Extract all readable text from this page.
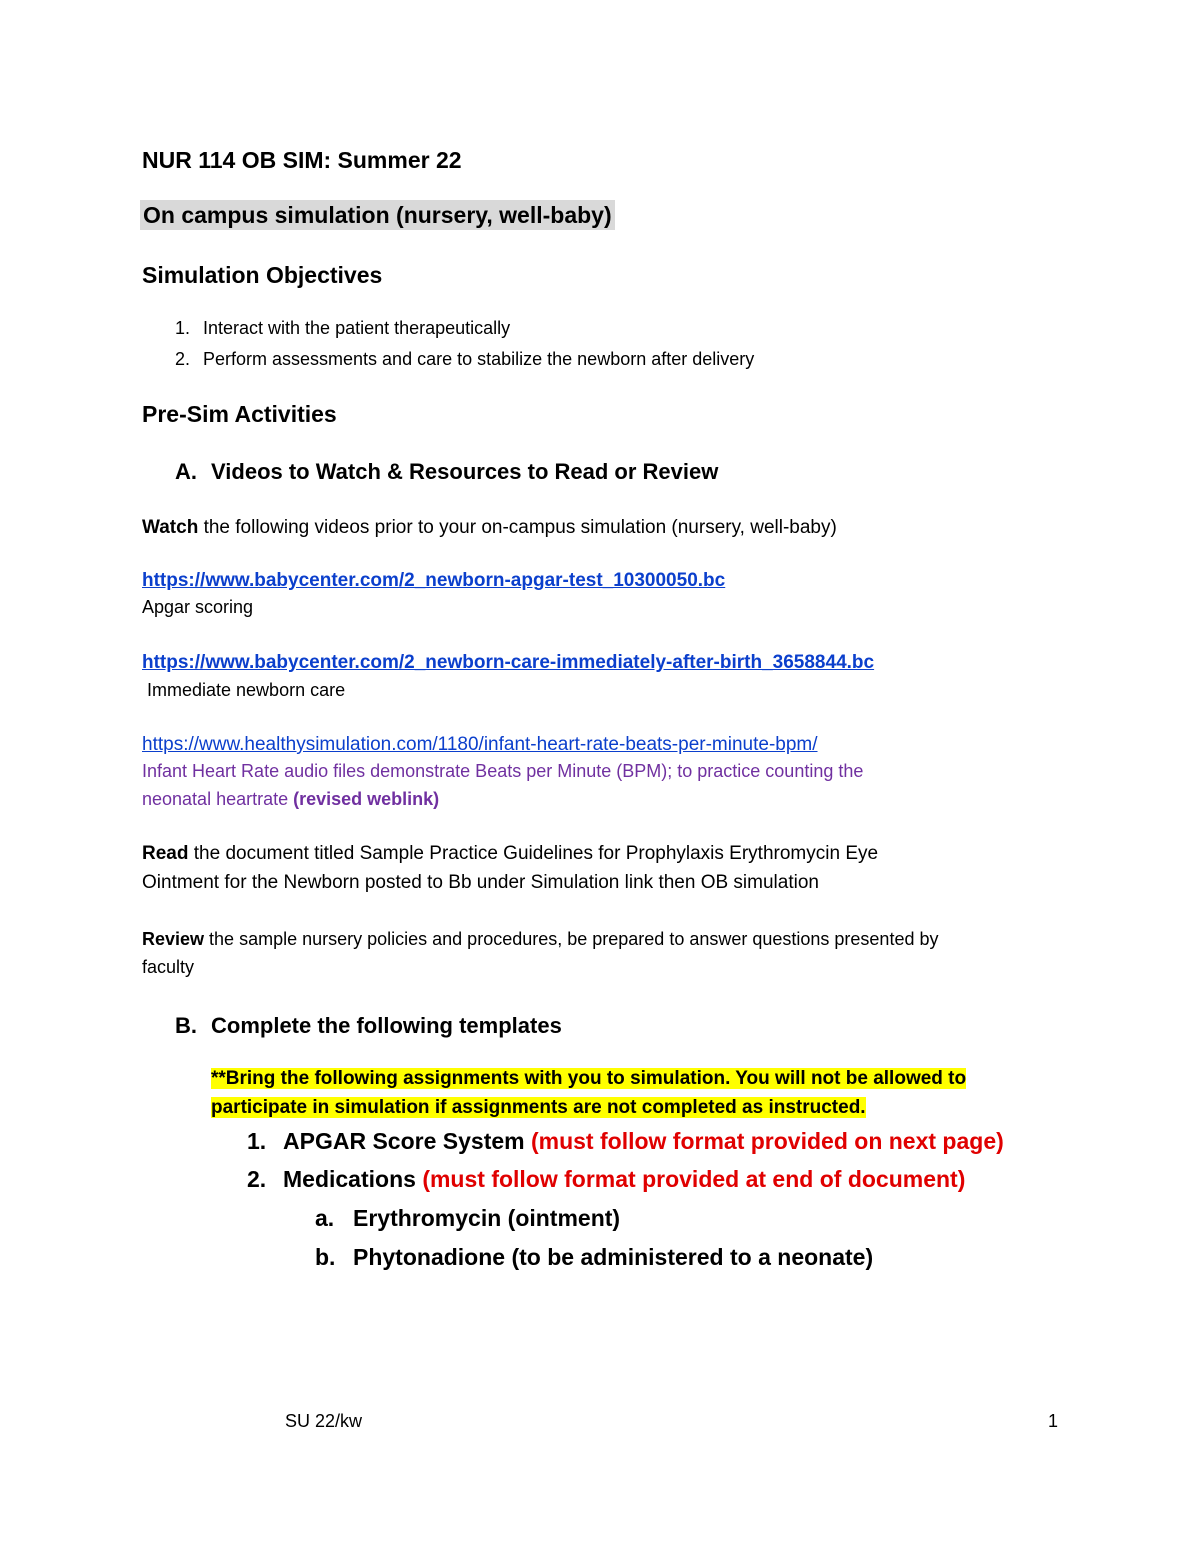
NUR 114 OB SIM: Summer 22
On campus simulation (nursery, well-baby)
Simulation Objectives
1. Interact with the patient therapeutically
2. Perform assessments and care to stabilize the newborn after delivery
Pre-Sim Activities
A. Videos to Watch & Resources to Read or Review
Watch the following videos prior to your on-campus simulation (nursery, well-baby)
https://www.babycenter.com/2_newborn-apgar-test_10300050.bc
Apgar scoring
https://www.babycenter.com/2_newborn-care-immediately-after-birth_3658844.bc
Immediate newborn care
https://www.healthysimulation.com/1180/infant-heart-rate-beats-per-minute-bpm/
Infant Heart Rate audio files demonstrate Beats per Minute (BPM); to practice counting the
neonatal heartrate (revised weblink)
Read the document titled Sample Practice Guidelines for Prophylaxis Erythromycin Eye
Ointment for the Newborn posted to Bb under Simulation link then OB simulation
Review the sample nursery policies and procedures, be prepared to answer questions presented by
faculty
B. Complete the following templates
**Bring the following assignments with you to simulation. You will not be allowed to
participate in simulation if assignments are not completed as instructed.
1. APGAR Score System (must follow format provided on next page)
2. Medications (must follow format provided at end of document)
a. Erythromycin (ointment)
b. Phytonadione (to be administered to a neonate)
SU 22/kw	1
